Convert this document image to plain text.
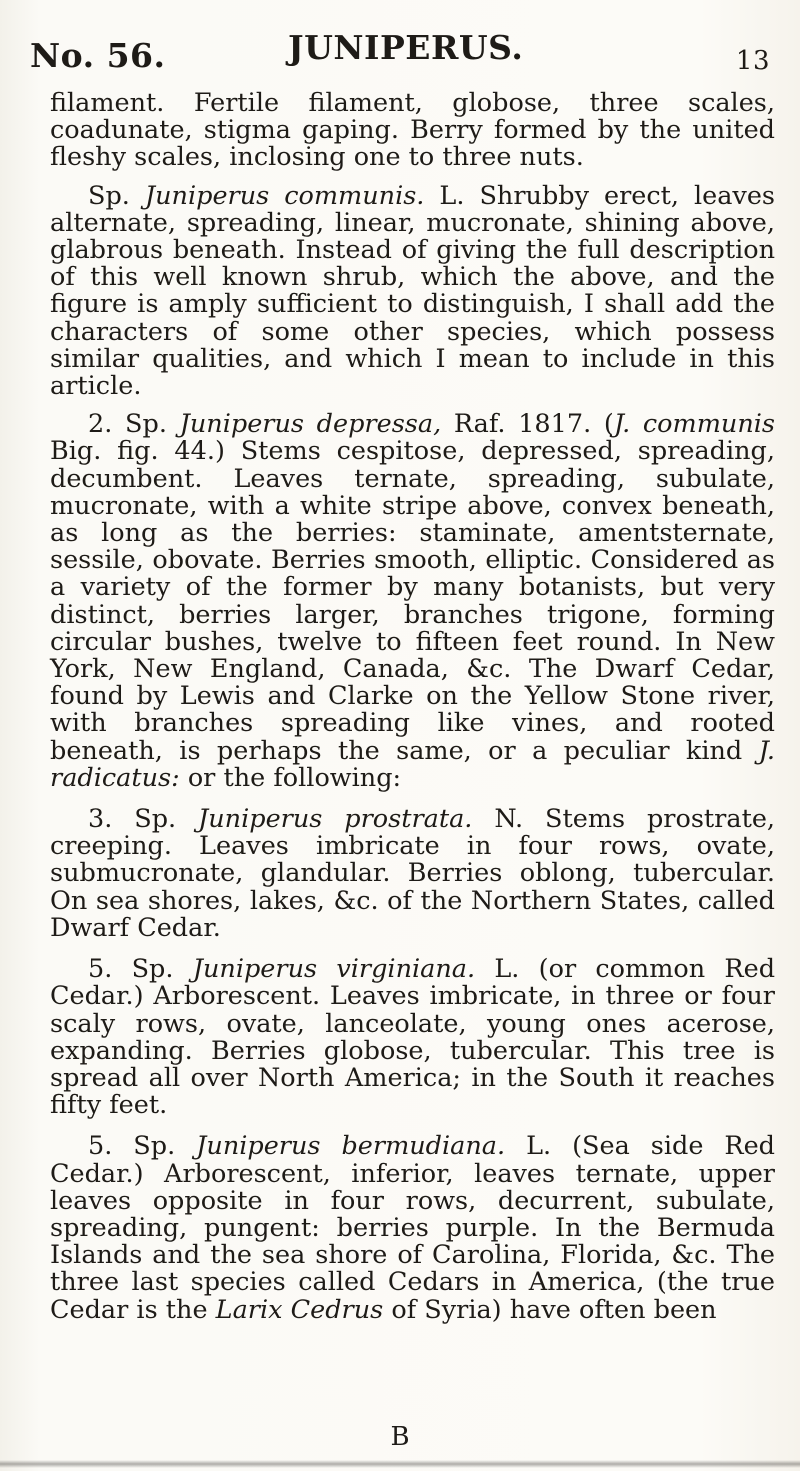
No. 56.	JUNIPERUS.	13

filament. Fertile filament, globose, three scales, coadunate, stigma gaping. Berry formed by the united fleshy scales, inclosing one to three nuts.

Sp. Juniperus communis. L. Shrubby erect, leaves alternate, spreading, linear, mucronate, shining above, glabrous beneath. Instead of giving the full description of this well known shrub, which the above, and the figure is amply sufficient to distinguish, I shall add the characters of some other species, which possess similar qualities, and which I mean to include in this article.

2. Sp. Juniperus depressa, Raf. 1817. (J. communis Big. fig. 44.) Stems cespitose, depressed, spreading, decumbent. Leaves ternate, spreading, subulate, mucronate, with a white stripe above, convex beneath, as long as the berries: staminate, amentsternate, sessile, obovate. Berries smooth, elliptic. Considered as a variety of the former by many botanists, but very distinct, berries larger, branches trigone, forming circular bushes, twelve to fifteen feet round. In New York, New England, Canada, &c. The Dwarf Cedar, found by Lewis and Clarke on the Yellow Stone river, with branches spreading like vines, and rooted beneath, is perhaps the same, or a peculiar kind J. radicatus: or the following:

3. Sp. Juniperus prostrata. N. Stems prostrate, creeping. Leaves imbricate in four rows, ovate, submucronate, glandular. Berries oblong, tubercular. On sea shores, lakes, &c. of the Northern States, called Dwarf Cedar.

5. Sp. Juniperus virginiana. L. (or common Red Cedar.) Arborescent. Leaves imbricate, in three or four scaly rows, ovate, lanceolate, young ones acerose, expanding. Berries globose, tubercular. This tree is spread all over North America; in the South it reaches fifty feet.

5. Sp. Juniperus bermudiana. L. (Sea side Red Cedar.) Arborescent, inferior, leaves ternate, upper leaves opposite in four rows, decurrent, subulate, spreading, pungent: berries purple. In the Bermuda Islands and the sea shore of Carolina, Florida, &c. The three last species called Cedars in America, (the true Cedar is the Larix Cedrus of Syria) have often been

B
